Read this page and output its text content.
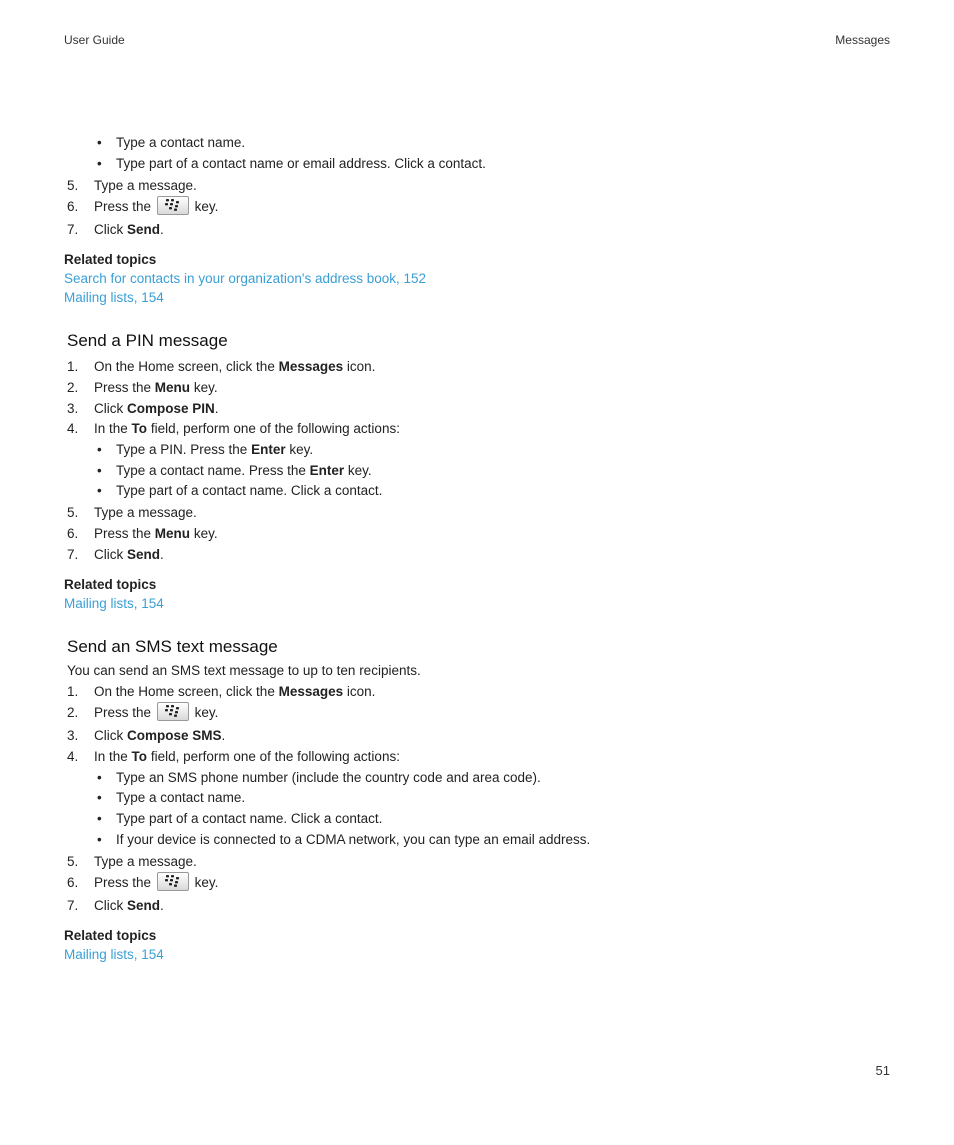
User Guide	Messages
• Type a contact name.
• Type part of a contact name or email address. Click a contact.
5. Type a message.
6. Press the	key.
7. Click Send.
Related topics
Search for contacts in your organization's address book, 152
Mailing lists, 154
Send a PIN message
1. On the Home screen, click the Messages icon.
2. Press the Menu key.
3. Click Compose PIN.
4. In the To field, perform one of the following actions:
• Type a PIN. Press the Enter key.
• Type a contact name. Press the Enter key.
• Type part of a contact name. Click a contact.
5. Type a message.
6. Press the Menu key.
7. Click Send.
Related topics
Mailing lists, 154
Send an SMS text message
You can send an SMS text message to up to ten recipients.
1. On the Home screen, click the Messages icon.
2. Press the	key.
3. Click Compose SMS.
4. In the To field, perform one of the following actions:
• Type an SMS phone number (include the country code and area code).
• Type a contact name.
• Type part of a contact name. Click a contact.
• If your device is connected to a CDMA network, you can type an email address.
5. Type a message.
6. Press the	key.
7. Click Send.
Related topics
Mailing lists, 154
51
